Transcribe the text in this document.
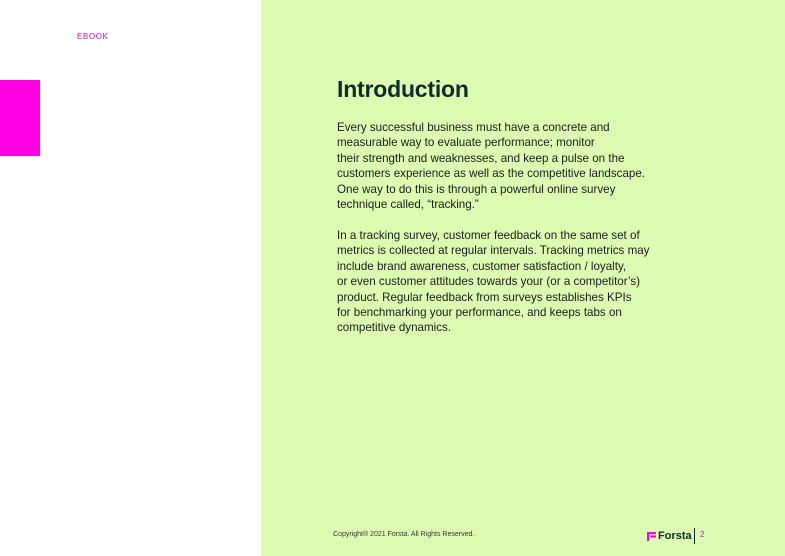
EBOOK
Introduction

Every successful business must have a concrete and
measurable way to evaluate performance; monitor
their strength and weaknesses, and keep a pulse on the
customers experience as well as the competitive landscape.
One way to do this is through a powerful online survey
technique called, “tracking.”

In a tracking survey, customer feedback on the same set of
metrics is collected at regular intervals. Tracking metrics may
include brand awareness, customer satisfaction / loyalty,
or even customer attitudes towards your (or a competitor’s)
product. Regular feedback from surveys establishes KPIs
for benchmarking your performance, and keeps tabs on
competitive dynamics.

Copyright® 2021 Forsta. All Rights Reserved.	Forsta 2
